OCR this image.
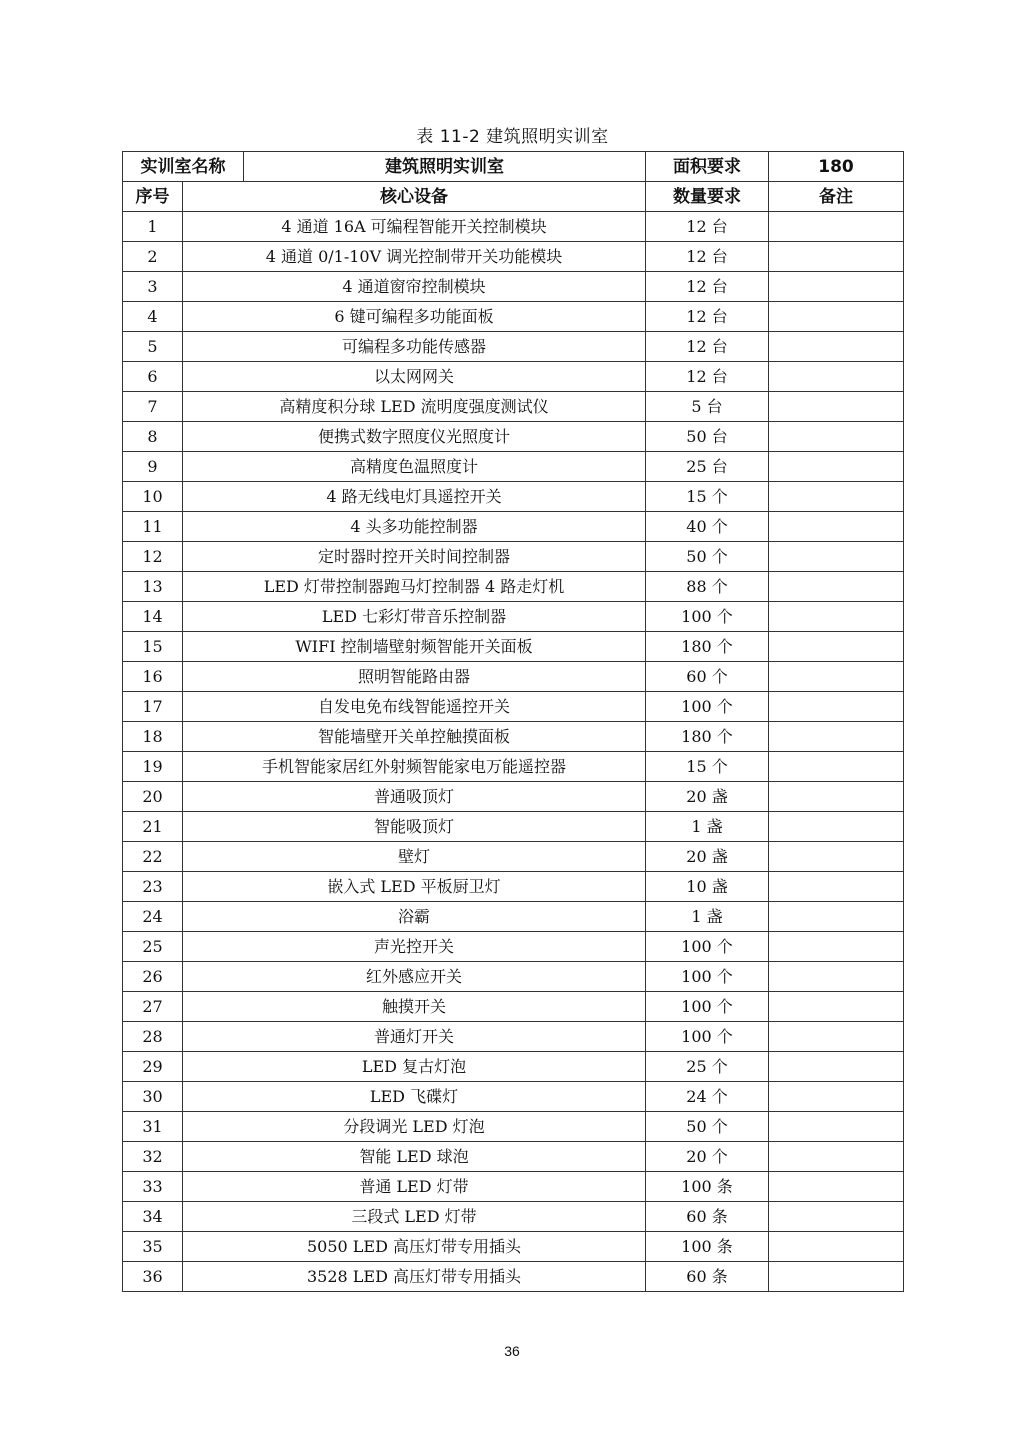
表 11-2 建筑照明实训室
实训室名称		建筑照明实训室	面积要求	180
序号	核心设备		数量要求	备注
1	4 通道 16A 可编程智能开关控制模块		12 台	
2	4 通道 0/1-10V 调光控制带开关功能模块		12 台	
3	4 通道窗帘控制模块		12 台	
4	6 键可编程多功能面板		12 台	
5	可编程多功能传感器		12 台	
6	以太网网关		12 台	
7	高精度积分球 LED 流明度强度测试仪		5 台	
8	便携式数字照度仪光照度计		50 台	
9	高精度色温照度计		25 台	
10	4 路无线电灯具遥控开关		15 个	
11	4 头多功能控制器		40 个	
12	定时器时控开关时间控制器		50 个	
13	LED 灯带控制器跑马灯控制器 4 路走灯机		88 个	
14	LED 七彩灯带音乐控制器		100 个	
15	WIFI 控制墙壁射频智能开关面板		180 个	
16	照明智能路由器		60 个	
17	自发电免布线智能遥控开关		100 个	
18	智能墙壁开关单控触摸面板		180 个	
19	手机智能家居红外射频智能家电万能遥控器		15 个	
20	普通吸顶灯		20 盏	
21	智能吸顶灯		1 盏	
22	壁灯		20 盏	
23	嵌入式 LED 平板厨卫灯		10 盏	
24	浴霸		1 盏	
25	声光控开关		100 个	
26	红外感应开关		100 个	
27	触摸开关		100 个	
28	普通灯开关		100 个	
29	LED 复古灯泡		25 个	
30	LED 飞碟灯		24 个	
31	分段调光 LED 灯泡		50 个	
32	智能 LED 球泡		20 个	
33	普通 LED 灯带		100 条	
34	三段式 LED 灯带		60 条	
35	5050 LED 高压灯带专用插头		100 条	
36	3528 LED 高压灯带专用插头		60 条	
36
